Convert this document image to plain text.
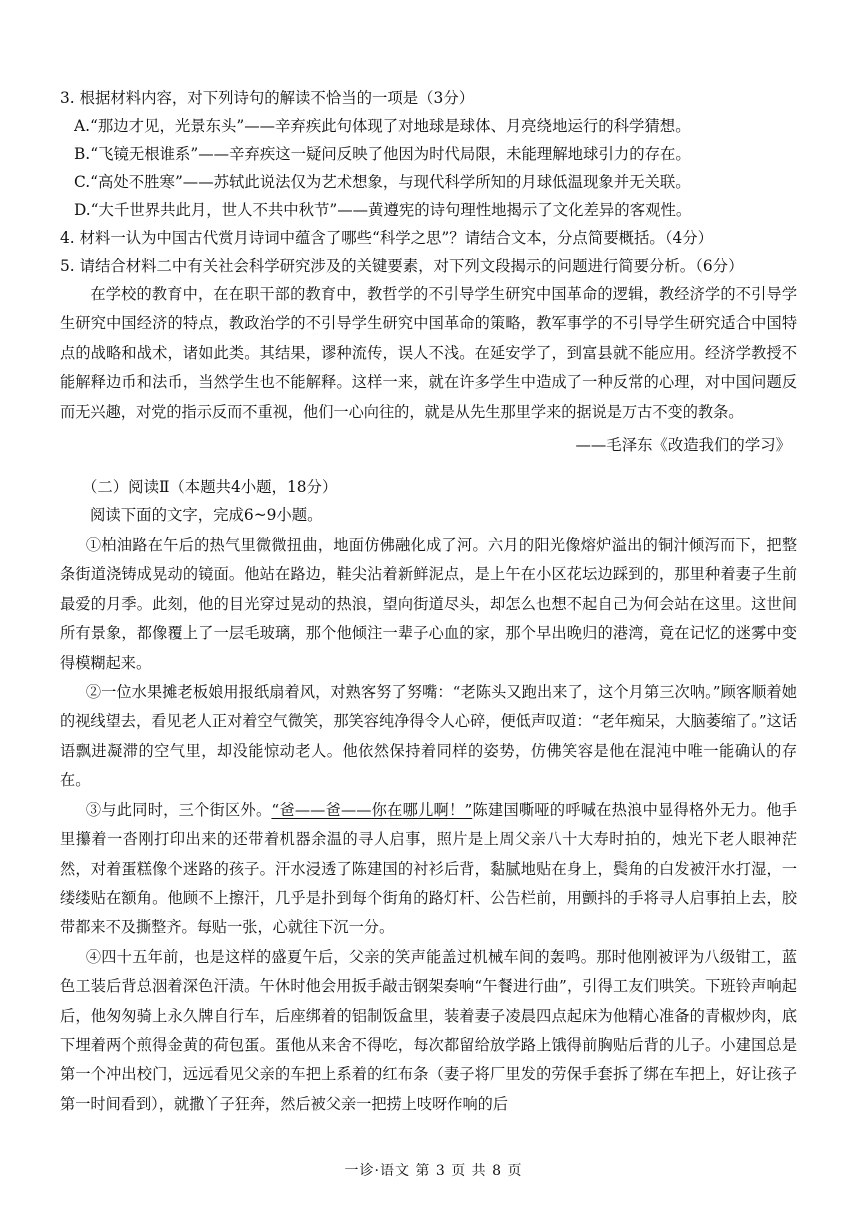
3. 根据材料内容，对下列诗句的解读不恰当的一项是（3分）
A.“那边才见，光景东头”——辛弃疾此句体现了对地球是球体、月亮绕地运行的科学猜想。
B.“飞镜无根谁系”——辛弃疾这一疑问反映了他因为时代局限，未能理解地球引力的存在。
C.“高处不胜寒”——苏轼此说法仅为艺术想象，与现代科学所知的月球低温现象并无关联。
D.“大千世界共此月，世人不共中秋节”——黄遵宪的诗句理性地揭示了文化差异的客观性。
4. 材料一认为中国古代赏月诗词中蕴含了哪些“科学之思”？请结合文本，分点简要概括。（4分）
5. 请结合材料二中有关社会科学研究涉及的关键要素，对下列文段揭示的问题进行简要分析。（6分）

在学校的教育中，在在职干部的教育中，教哲学的不引导学生研究中国革命的逻辑，教经济学的不引导学生研究中国经济的特点，教政治学的不引导学生研究中国革命的策略，教军事学的不引导学生研究适合中国特点的战略和战术，诸如此类。其结果，谬种流传，误人不浅。在延安学了，到富县就不能应用。经济学教授不能解释边币和法币，当然学生也不能解释。这样一来，就在许多学生中造成了一种反常的心理，对中国问题反而无兴趣，对党的指示反而不重视，他们一心向往的，就是从先生那里学来的据说是万古不变的教条。

——毛泽东《改造我们的学习》
（二）阅读Ⅱ（本题共4小题，18分）
阅读下面的文字，完成6~9小题。

①柏油路在午后的热气里微微扭曲，地面仿佛融化成了河。六月的阳光像熔炉溢出的铜汁倾泻而下，把整条街道浇铸成晃动的镜面。他站在路边，鞋尖沾着新鲜泥点，是上午在小区花坛边踩到的，那里种着妻子生前最爱的月季。此刻，他的目光穿过晃动的热浪，望向街道尽头，却怎么也想不起自己为何会站在这里。这世间所有景象，都像覆上了一层毛玻璃，那个他倾注一辈子心血的家，那个早出晚归的港湾，竟在记忆的迷雾中变得模糊起来。

②一位水果摊老板娘用报纸扇着风，对熟客努了努嘴：“老陈头又跑出来了，这个月第三次呐。”顾客顺着她的视线望去，看见老人正对着空气微笑，那笑容纯净得令人心碎，便低声叹道：“老年痴呆，大脑萎缩了。”这话语飘进凝滞的空气里，却没能惊动老人。他依然保持着同样的姿势，仿佛笑容是他在混沌中唯一能确认的存在。

③与此同时，三个街区外。“爸——爸——你在哪儿啊！”陈建国嘶哑的呼喊在热浪中显得格外无力。他手里攥着一沓刚打印出来的还带着机器余温的寻人启事，照片是上周父亲八十大寿时拍的，烛光下老人眼神茫然，对着蛋糕像个迷路的孩子。汗水浸透了陈建国的衬衫后背，黏腻地贴在身上，鬓角的白发被汗水打湿，一缕缕贴在额角。他顾不上擦汗，几乎是扑到每个街角的路灯杆、公告栏前，用颤抖的手将寻人启事拍上去，胶带都来不及撕整齐。每贴一张，心就往下沉一分。

④四十五年前，也是这样的盛夏午后，父亲的笑声能盖过机械车间的轰鸣。那时他刚被评为八级钳工，蓝色工装后背总洇着深色汗渍。午休时他会用扳手敲击钢架奏响“午餐进行曲”，引得工友们哄笑。下班铃声响起后，他匆匆骑上永久牌自行车，后座绑着的铝制饭盒里，装着妻子凌晨四点起床为他精心准备的青椒炒肉，底下埋着两个煎得金黄的荷包蛋。蛋他从来舍不得吃，每次都留给放学路上饿得前胸贴后背的儿子。小建国总是第一个冲出校门，远远看见父亲的车把上系着的红布条（妻子将厂里发的劳保手套拆了绑在车把上，好让孩子第一时间看到），就撒丫子狂奔，然后被父亲一把捞上吱呀作响的后

一诊·语文 第 3 页 共 8 页
